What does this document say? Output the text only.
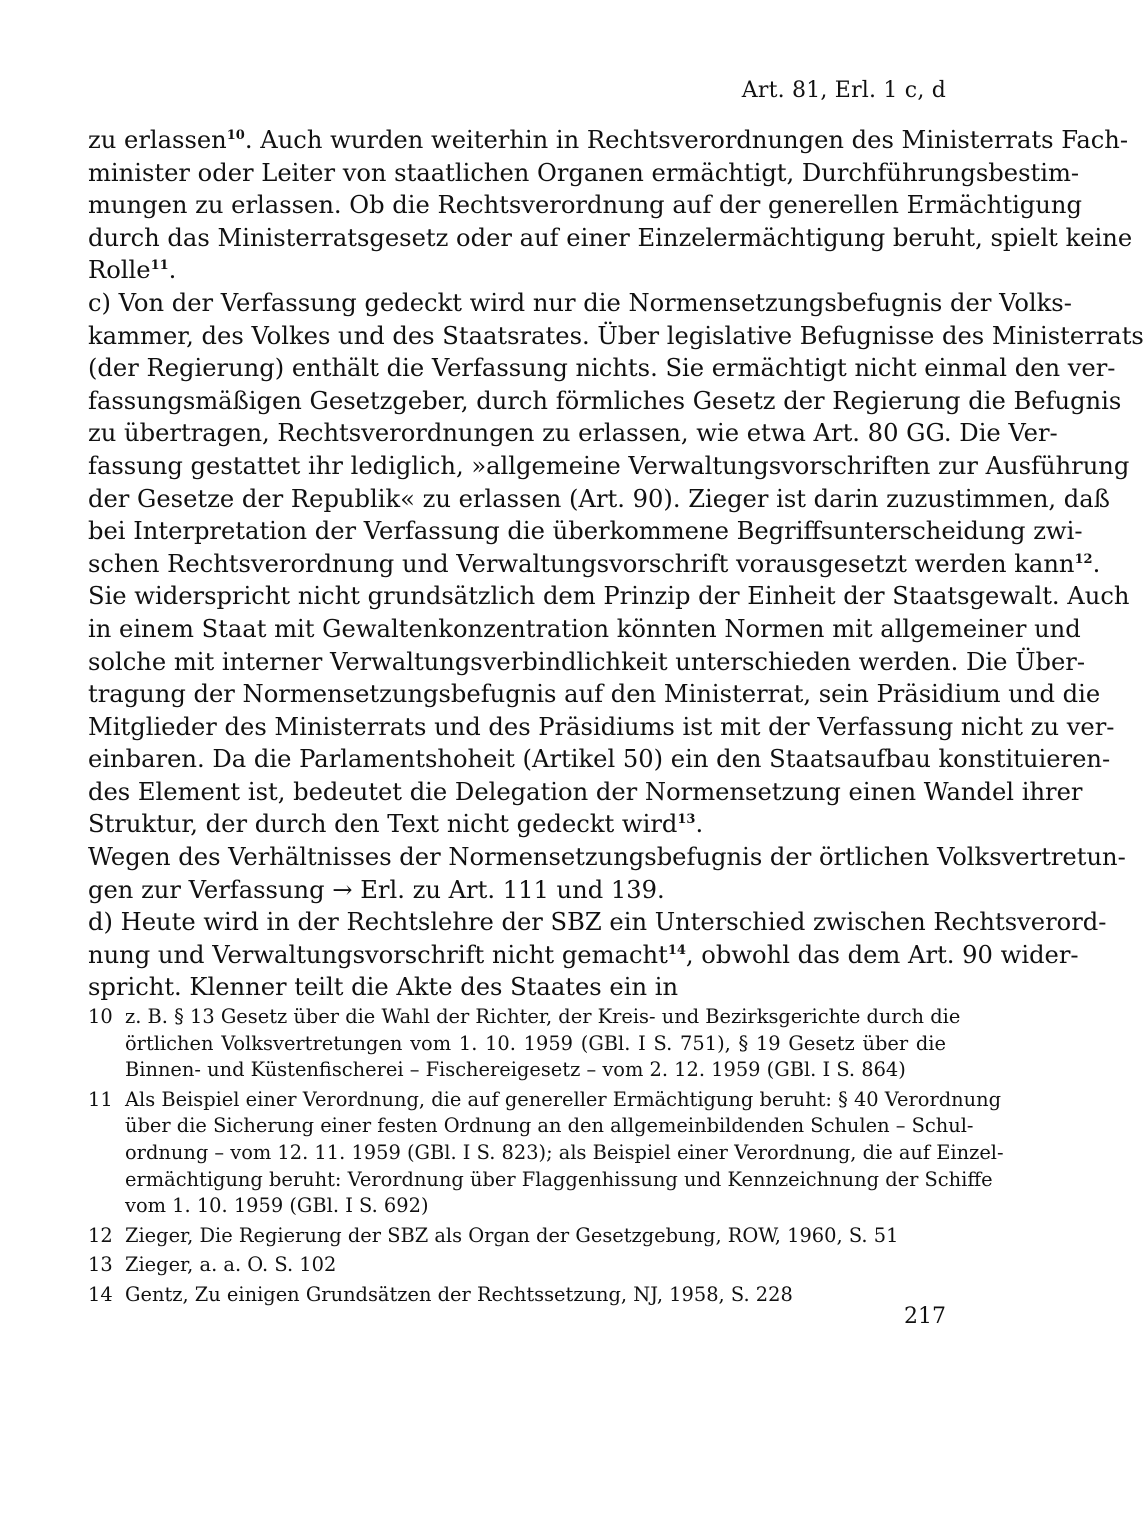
Art. 81, Erl. 1 c, d
zu erlassen$^{10}$. Auch wurden weiterhin in Rechtsverordnungen des Ministerrats Fach-
minister oder Leiter von staatlichen Organen ermächtigt, Durchführungsbestim-
mungen zu erlassen. Ob die Rechtsverordnung auf der generellen Ermächtigung
durch das Ministerratsgesetz oder auf einer Einzelermächtigung beruht, spielt keine
Rolle$^{11}$.
c) Von der Verfassung gedeckt wird nur die Normensetzungsbefugnis der Volks-
kammer, des Volkes und des Staatsrates. Über legislative Befugnisse des Ministerrats
(der Regierung) enthält die Verfassung nichts. Sie ermächtigt nicht einmal den ver-
fassungsmäßigen Gesetzgeber, durch förmliches Gesetz der Regierung die Befugnis
zu übertragen, Rechtsverordnungen zu erlassen, wie etwa Art. 80 GG. Die Ver-
fassung gestattet ihr lediglich, »allgemeine Verwaltungsvorschriften zur Ausführung
der Gesetze der Republik« zu erlassen (Art. 90). Zieger ist darin zuzustimmen, daß
bei Interpretation der Verfassung die überkommene Begriffsunterscheidung zwi-
schen Rechtsverordnung und Verwaltungsvorschrift vorausgesetzt werden kann$^{12}$.
Sie widerspricht nicht grundsätzlich dem Prinzip der Einheit der Staatsgewalt. Auch
in einem Staat mit Gewaltenkonzentration könnten Normen mit allgemeiner und
solche mit interner Verwaltungsverbindlichkeit unterschieden werden. Die Über-
tragung der Normensetzungsbefugnis auf den Ministerrat, sein Präsidium und die
Mitglieder des Ministerrats und des Präsidiums ist mit der Verfassung nicht zu ver-
einbaren. Da die Parlamentshoheit (Artikel 50) ein den Staatsaufbau konstituieren-
des Element ist, bedeutet die Delegation der Normensetzung einen Wandel ihrer
Struktur, der durch den Text nicht gedeckt wird$^{13}$.
Wegen des Verhältnisses der Normensetzungsbefugnis der örtlichen Volksvertretun-
gen zur Verfassung → Erl. zu Art. 111 und 139.
d) Heute wird in der Rechtslehre der SBZ ein Unterschied zwischen Rechtsverord-
nung und Verwaltungsvorschrift nicht gemacht$^{14}$, obwohl das dem Art. 90 wider-
spricht. Klenner teilt die Akte des Staates ein in
10 z. B. § 13 Gesetz über die Wahl der Richter, der Kreis- und Bezirksgerichte durch die
örtlichen Volksvertretungen vom 1. 10. 1959 (GBl. I S. 751), § 19 Gesetz über die
Binnen- und Küstenfischerei – Fischereigesetz – vom 2. 12. 1959 (GBl. I S. 864)
11 Als Beispiel einer Verordnung, die auf genereller Ermächtigung beruht: § 40 Verordnung
über die Sicherung einer festen Ordnung an den allgemeinbildenden Schulen – Schul-
ordnung – vom 12. 11. 1959 (GBl. I S. 823); als Beispiel einer Verordnung, die auf Einzel-
ermächtigung beruht: Verordnung über Flaggenhissung und Kennzeichnung der Schiffe
vom 1. 10. 1959 (GBl. I S. 692)
12 Zieger, Die Regierung der SBZ als Organ der Gesetzgebung, ROW, 1960, S. 51
13 Zieger, a. a. O. S. 102
14 Gentz, Zu einigen Grundsätzen der Rechtssetzung, NJ, 1958, S. 228
217
